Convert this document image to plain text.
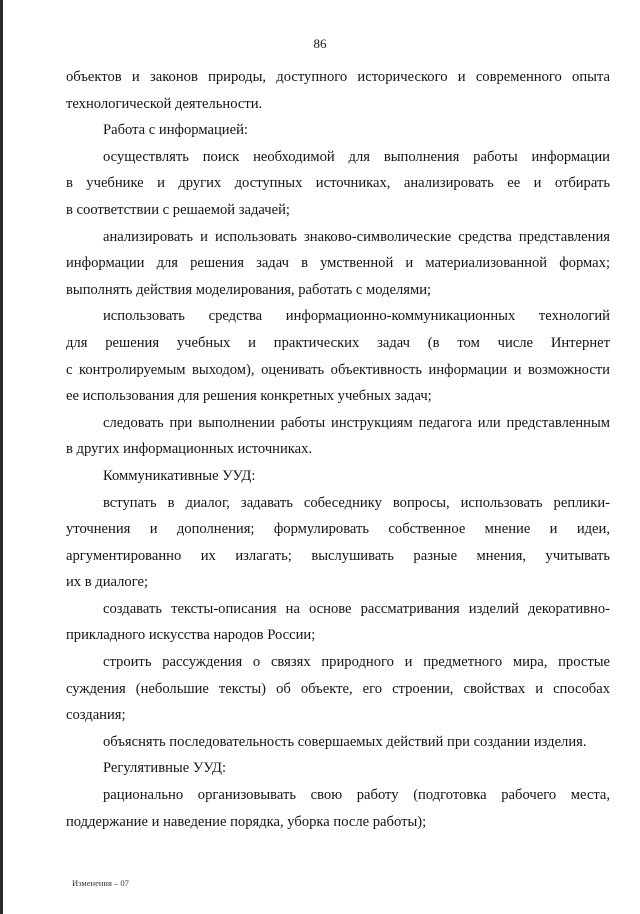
86
объектов и законов природы, доступного исторического и современного опыта
технологической деятельности.
Работа с информацией:
осуществлять поиск необходимой для выполнения работы информации
в учебнике и других доступных источниках, анализировать ее и отбирать
в соответствии с решаемой задачей;
анализировать и использовать знаково-символические средства представления
информации для решения задач в умственной и материализованной формах;
выполнять действия моделирования, работать с моделями;
использовать средства информационно-коммуникационных технологий
для решения учебных и практических задач (в том числе Интернет
с контролируемым выходом), оценивать объективность информации и возможности
ее использования для решения конкретных учебных задач;
следовать при выполнении работы инструкциям педагога или представленным
в других информационных источниках.
Коммуникативные УУД:
вступать в диалог, задавать собеседнику вопросы, использовать реплики-
уточнения и дополнения; формулировать собственное мнение и идеи,
аргументированно их излагать; выслушивать разные мнения, учитывать
их в диалоге;
создавать тексты-описания на основе рассматривания изделий декоративно-
прикладного искусства народов России;
строить рассуждения о связях природного и предметного мира, простые
суждения (небольшие тексты) об объекте, его строении, свойствах и способах
создания;
объяснять последовательность совершаемых действий при создании изделия.
Регулятивные УУД:
рационально организовывать свою работу (подготовка рабочего места,
поддержание и наведение порядка, уборка после работы);
Изменения – 07
